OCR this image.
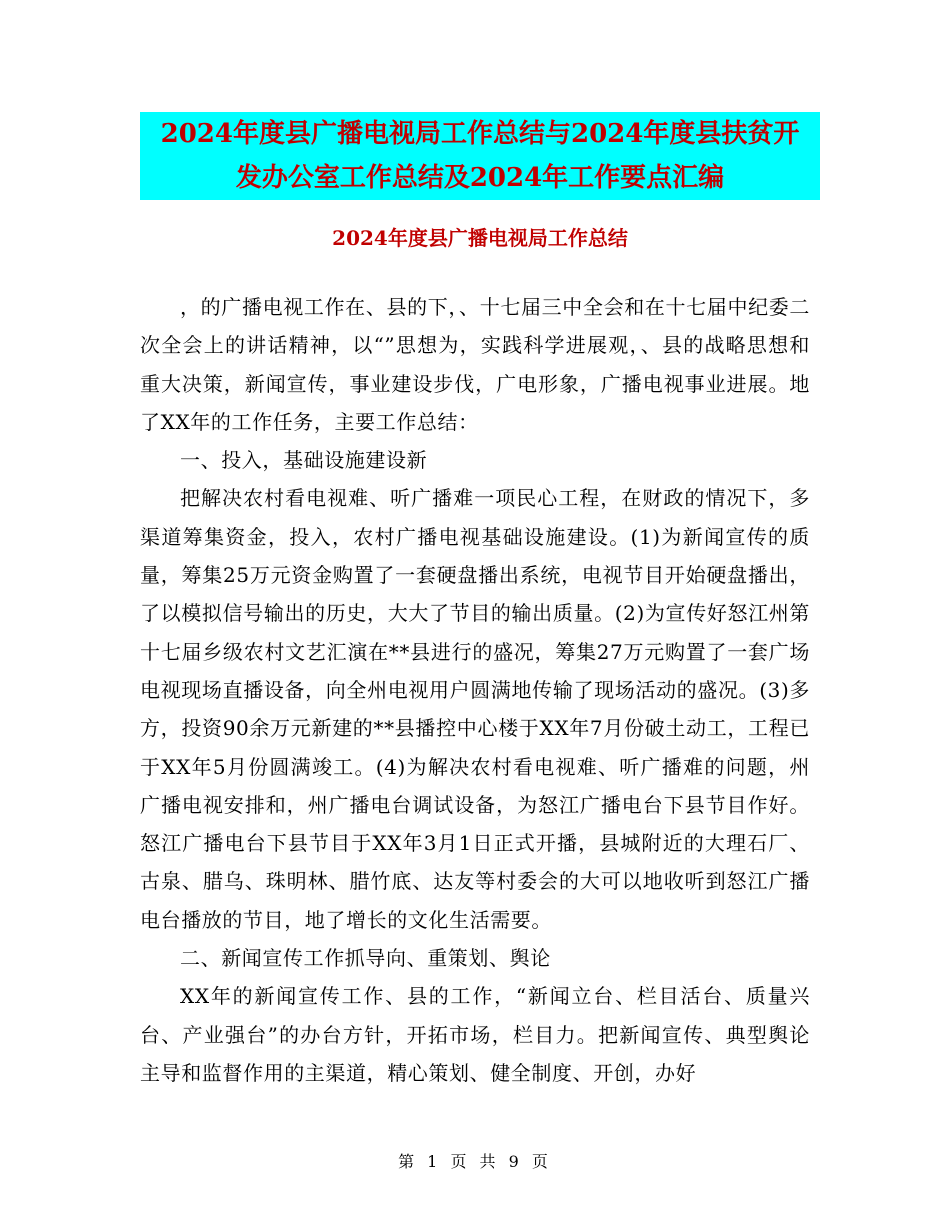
2024年度县广播电视局工作总结与2024年度县扶贫开
发办公室工作总结及2024年工作要点汇编
2024年度县广播电视局工作总结

，的广播电视工作在、县的下，、十七届三中全会和在十七届中纪委二次全会上的讲话精神，以“”思想为，实践科学进展观，、县的战略思想和重大决策，新闻宣传，事业建设步伐，广电形象，广播电视事业进展。地了XX年的工作任务，主要工作总结：

一、投入，基础设施建设新

把解决农村看电视难、听广播难一项民心工程，在财政的情况下，多渠道筹集资金，投入，农村广播电视基础设施建设。(1)为新闻宣传的质量，筹集25万元资金购置了一套硬盘播出系统，电视节目开始硬盘播出，了以模拟信号输出的历史，大大了节目的输出质量。(2)为宣传好怒江州第十七届乡级农村文艺汇演在**县进行的盛况，筹集27万元购置了一套广场电视现场直播设备，向全州电视用户圆满地传输了现场活动的盛况。(3)多方，投资90余万元新建的**县播控中心楼于XX年7月份破土动工，工程已于XX年5月份圆满竣工。(4)为解决农村看电视难、听广播难的问题，州广播电视安排和，州广播电台调试设备，为怒江广播电台下县节目作好。怒江广播电台下县节目于XX年3月1日正式开播，县城附近的大理石厂、古泉、腊乌、珠明林、腊竹底、达友等村委会的大可以地收听到怒江广播电台播放的节目，地了增长的文化生活需要。

二、新闻宣传工作抓导向、重策划、舆论

XX年的新闻宣传工作、县的工作，“新闻立台、栏目活台、质量兴台、产业强台”的办台方针，开拓市场，栏目力。把新闻宣传、典型舆论主导和监督作用的主渠道，精心策划、健全制度、开创，办好

第 1 页 共 9 页
